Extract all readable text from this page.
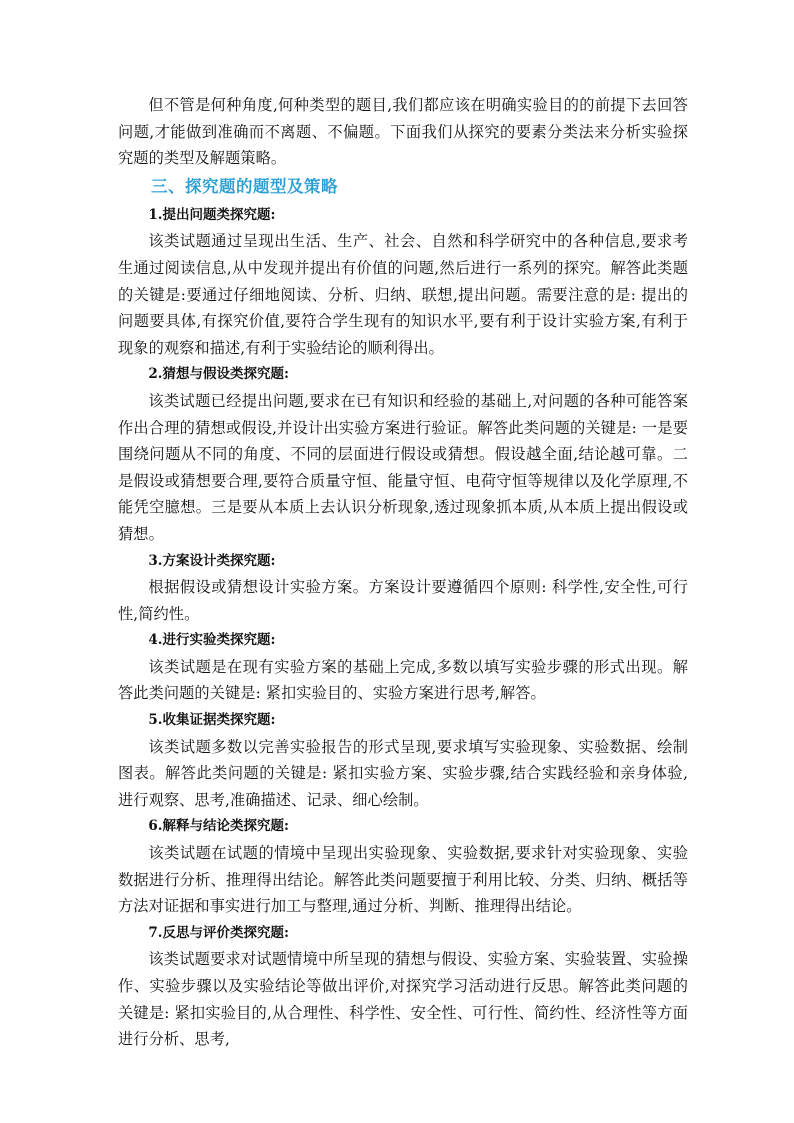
但不管是何种角度,何种类型的题目,我们都应该在明确实验目的的前提下去回答问题,才能做到准确而不离题、不偏题。下面我们从探究的要素分类法来分析实验探究题的类型及解题策略。

三、探究题的题型及策略
1.提出问题类探究题:

该类试题通过呈现出生活、生产、社会、自然和科学研究中的各种信息,要求考生通过阅读信息,从中发现并提出有价值的问题,然后进行一系列的探究。解答此类题的关键是:要通过仔细地阅读、分析、归纳、联想,提出问题。需要注意的是: 提出的问题要具体,有探究价值,要符合学生现有的知识水平,要有利于设计实验方案,有利于现象的观察和描述,有利于实验结论的顺利得出。

2.猜想与假设类探究题:

该类试题已经提出问题,要求在已有知识和经验的基础上,对问题的各种可能答案作出合理的猜想或假设,并设计出实验方案进行验证。解答此类问题的关键是: 一是要围绕问题从不同的角度、不同的层面进行假设或猜想。假设越全面,结论越可靠。二是假设或猜想要合理,要符合质量守恒、能量守恒、电荷守恒等规律以及化学原理,不能凭空臆想。三是要从本质上去认识分析现象,透过现象抓本质,从本质上提出假设或猜想。

3.方案设计类探究题:

根据假设或猜想设计实验方案。方案设计要遵循四个原则: 科学性,安全性,可行性,简约性。

4.进行实验类探究题:

该类试题是在现有实验方案的基础上完成,多数以填写实验步骤的形式出现。解答此类问题的关键是: 紧扣实验目的、实验方案进行思考,解答。

5.收集证据类探究题:

该类试题多数以完善实验报告的形式呈现,要求填写实验现象、实验数据、绘制图表。解答此类问题的关键是: 紧扣实验方案、实验步骤,结合实践经验和亲身体验,进行观察、思考,准确描述、记录、细心绘制。

6.解释与结论类探究题:

该类试题在试题的情境中呈现出实验现象、实验数据,要求针对实验现象、实验数据进行分析、推理得出结论。解答此类问题要擅于利用比较、分类、归纳、概括等方法对证据和事实进行加工与整理,通过分析、判断、推理得出结论。

7.反思与评价类探究题:

该类试题要求对试题情境中所呈现的猜想与假设、实验方案、实验装置、实验操作、实验步骤以及实验结论等做出评价,对探究学习活动进行反思。解答此类问题的关键是: 紧扣实验目的,从合理性、科学性、安全性、可行性、简约性、经济性等方面进行分析、思考,
